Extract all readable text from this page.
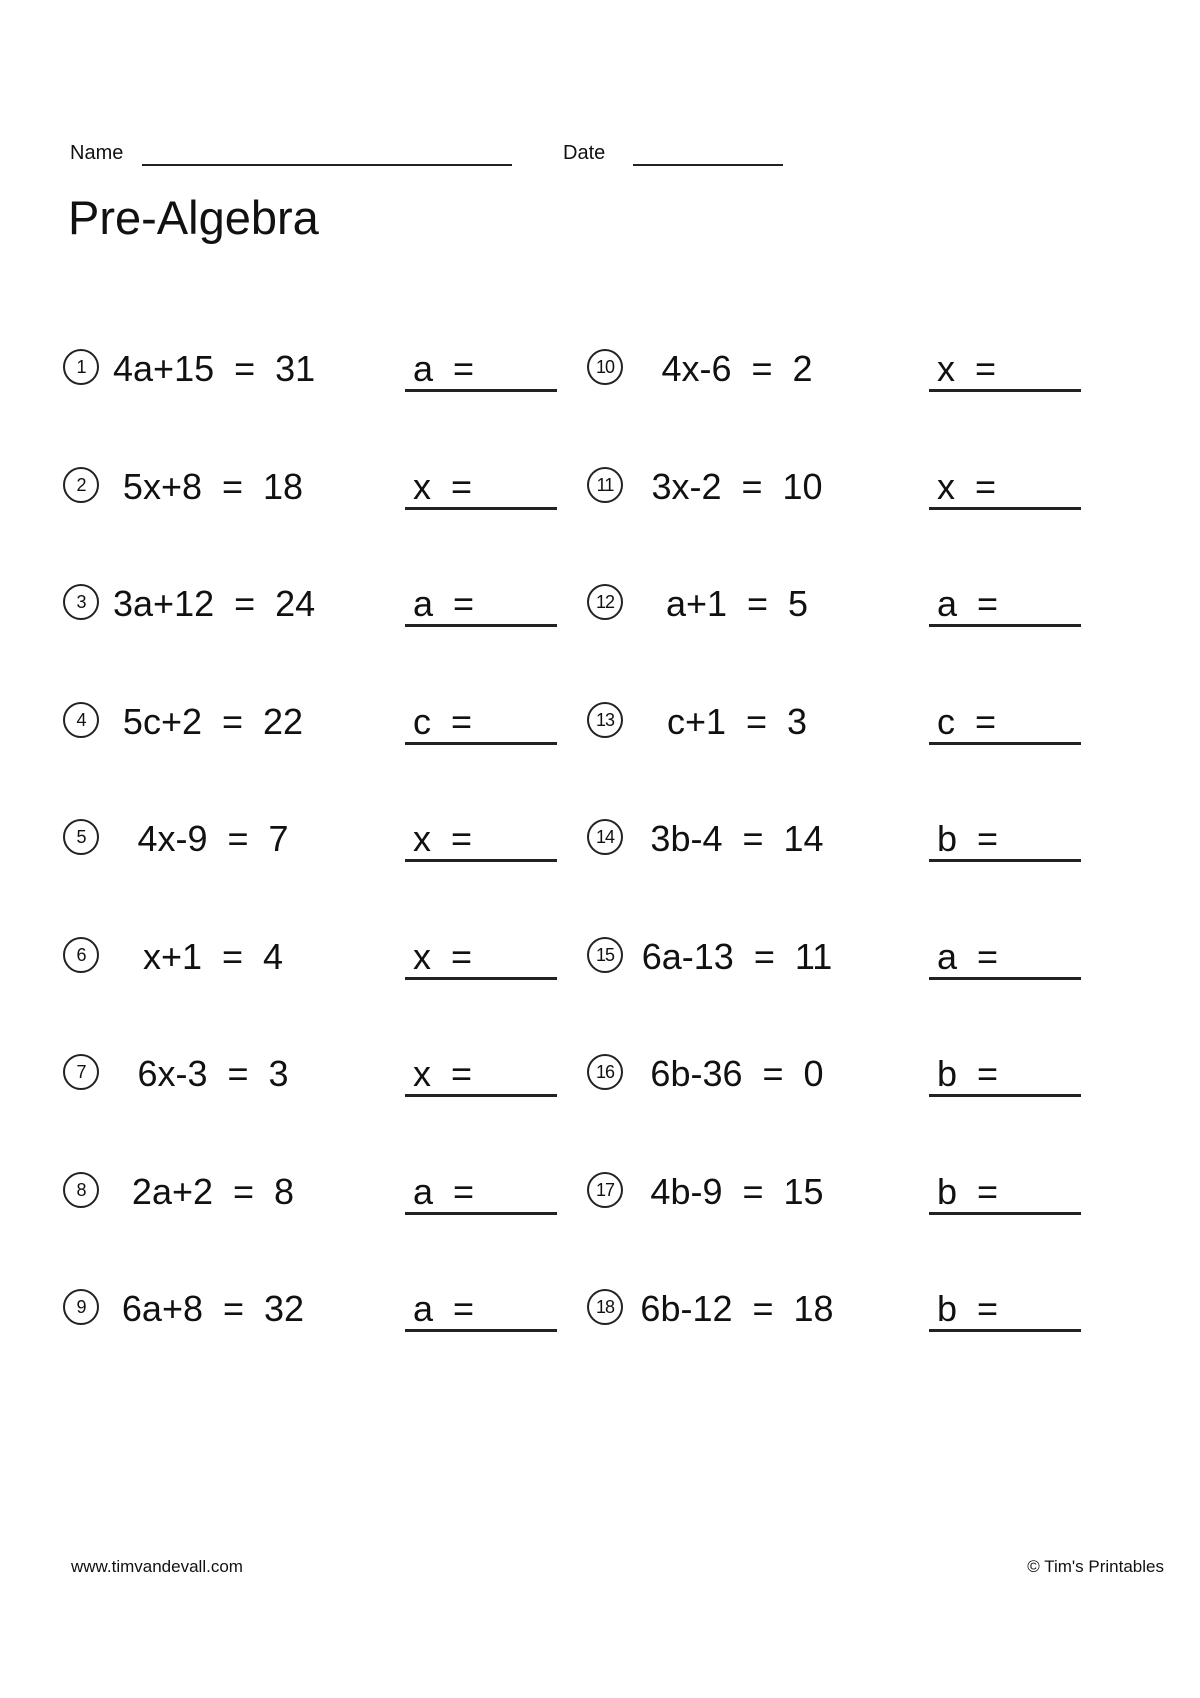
Name	Date
Pre-Algebra
1 4a+15  =  31	a  =
2	5x+8  =  18	x  =
3 3a+12  =  24	a  =
4	5c+2  =  22	c  =
5	4x-9  =  7	x  =
6	x+1  =  4	x  =
7	6x-3  =  3	x  =
8	2a+2  =  8	a  =
9	6a+8  =  32	a  =
10	4x-6  =  2	x  =
11	3x-2  =  10	x  =
12	a+1  =  5	a  =
13	c+1  =  3	c  =
14	3b-4  =  14	b  =
15 6a-13  =  11	a  =
16	6b-36  =  0	b  =
17	4b-9  =  15	b  =
18 6b-12  =  18	b  =
www.timvandevall.com	© Tim's Printables
